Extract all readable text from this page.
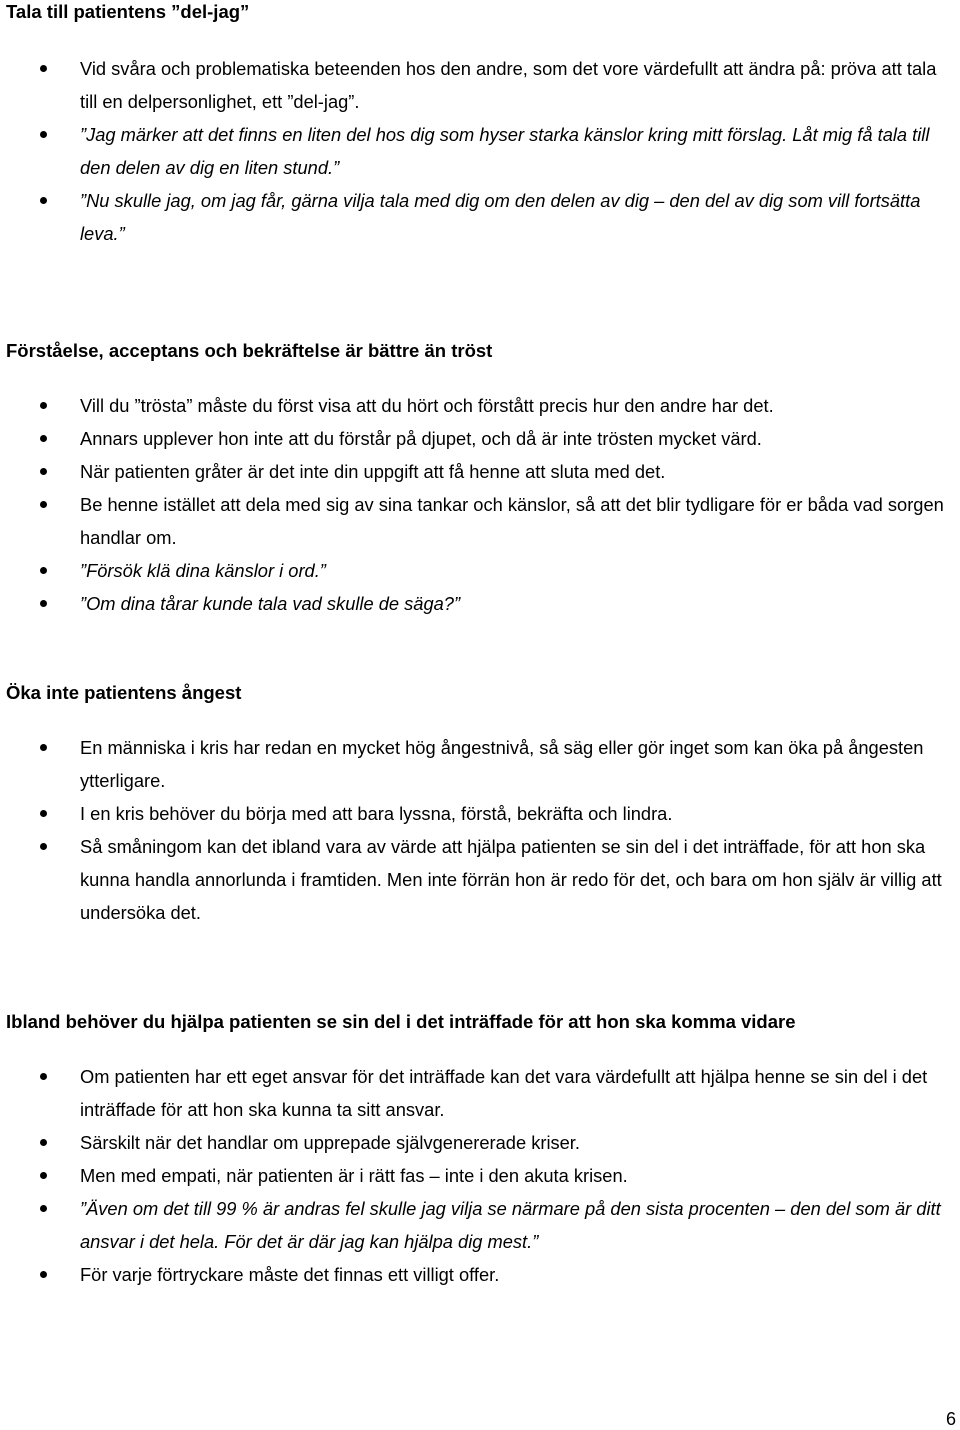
Tala till patientens ”del-jag”
Vid svåra och problematiska beteenden hos den andre, som det vore värdefullt att ändra på: pröva att tala till en delpersonlighet, ett ”del-jag”.
”Jag märker att det finns en liten del hos dig som hyser starka känslor kring mitt förslag. Låt mig få tala till den delen av dig en liten stund.”
”Nu skulle jag, om jag får, gärna vilja tala med dig om den delen av dig – den del av dig som vill fortsätta leva.”
Förståelse, acceptans och bekräftelse är bättre än tröst
Vill du ”trösta” måste du först visa att du hört och förstått precis hur den andre har det.
Annars upplever hon inte att du förstår på djupet, och då är inte trösten mycket värd.
När patienten gråter är det inte din uppgift att få henne att sluta med det.
Be henne istället att dela med sig av sina tankar och känslor, så att det blir tydligare för er båda vad sorgen handlar om.
”Försök klä dina känslor i ord.”
”Om dina tårar kunde tala vad skulle de säga?”
Öka inte patientens ångest
En människa i kris har redan en mycket hög ångestnivå, så säg eller gör inget som kan öka på ångesten ytterligare.
I en kris behöver du börja med att bara lyssna, förstå, bekräfta och lindra.
Så småningom kan det ibland vara av värde att hjälpa patienten se sin del i det inträffade, för att hon ska kunna handla annorlunda i framtiden. Men inte förrän hon är redo för det, och bara om hon själv är villig att undersöka det.
Ibland behöver du hjälpa patienten se sin del i det inträffade för att hon ska komma vidare
Om patienten har ett eget ansvar för det inträffade kan det vara värdefullt att hjälpa henne se sin del i det inträffade för att hon ska kunna ta sitt ansvar.
Särskilt när det handlar om upprepade självgenererade kriser.
Men med empati, när patienten är i rätt fas – inte i den akuta krisen.
”Även om det till 99 % är andras fel skulle jag vilja se närmare på den sista procenten – den del som är ditt ansvar i det hela. För det är där jag kan hjälpa dig mest.”
För varje förtryckare måste det finnas ett villigt offer.
6
